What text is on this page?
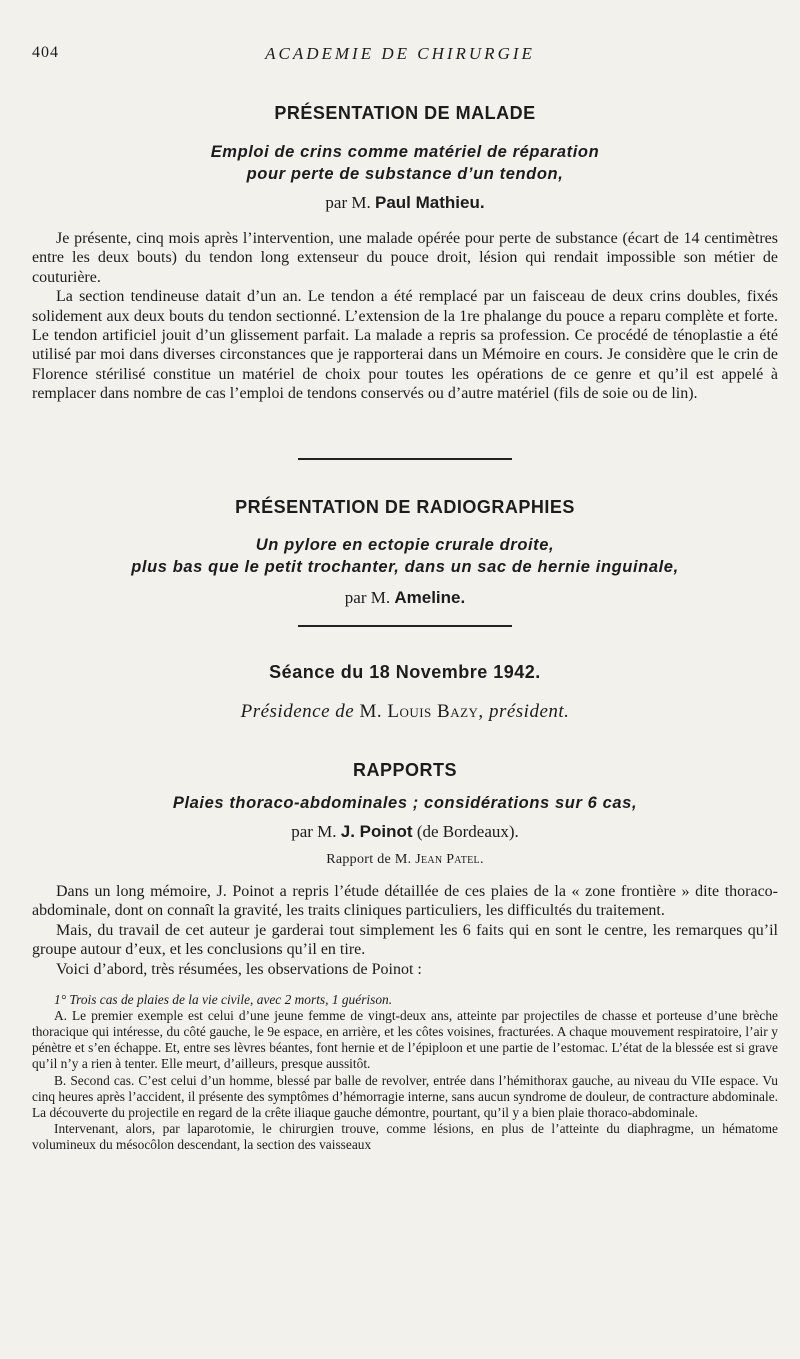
404	ACADEMIE DE CHIRURGIE
PRÉSENTATION DE MALADE
Emploi de crins comme matériel de réparation
pour perte de substance d’un tendon,
par M. Paul Mathieu.

Je présente, cinq mois après l’intervention, une malade opérée pour perte de substance (écart de 14 centimètres entre les deux bouts) du tendon long extenseur du pouce droit, lésion qui rendait impossible son métier de couturière.

La section tendineuse datait d’un an. Le tendon a été remplacé par un faisceau de deux crins doubles, fixés solidement aux deux bouts du tendon sectionné. L’extension de la 1re phalange du pouce a reparu complète et forte. Le tendon artificiel jouit d’un glissement parfait. La malade a repris sa profession. Ce procédé de ténoplastie a été utilisé par moi dans diverses circonstances que je rapporterai dans un Mémoire en cours. Je considère que le crin de Florence stérilisé constitue un matériel de choix pour toutes les opérations de ce genre et qu’il est appelé à remplacer dans nombre de cas l’emploi de tendons conservés ou d’autre matériel (fils de soie ou de lin).

PRÉSENTATION DE RADIOGRAPHIES
Un pylore en ectopie crurale droite,
plus bas que le petit trochanter, dans un sac de hernie inguinale,
par M. Ameline.
Séance du 18 Novembre 1942.
Présidence de M. Louis Bazy, président.
RAPPORTS
Plaies thoraco-abdominales ; considérations sur 6 cas,
par M. J. Poinot (de Bordeaux).
Rapport de M. Jean Patel.

Dans un long mémoire, J. Poinot a repris l’étude détaillée de ces plaies de la « zone frontière » dite thoraco-abdominale, dont on connaît la gravité, les traits cliniques particuliers, les difficultés du traitement.

Mais, du travail de cet auteur je garderai tout simplement les 6 faits qui en sont le centre, les remarques qu’il groupe autour d’eux, et les conclusions qu’il en tire.

Voici d’abord, très résumées, les observations de Poinot :

1° Trois cas de plaies de la vie civile, avec 2 morts, 1 guérison.

A. Le premier exemple est celui d’une jeune femme de vingt-deux ans, atteinte par projectiles de chasse et porteuse d’une brèche thoracique qui intéresse, du côté gauche, le 9e espace, en arrière, et les côtes voisines, fracturées. A chaque mouvement respiratoire, l’air y pénètre et s’en échappe. Et, entre ses lèvres béantes, font hernie et de l’épiploon et une partie de l’estomac. L’état de la blessée est si grave qu’il n’y a rien à tenter. Elle meurt, d’ailleurs, presque aussitôt.

B. Second cas. C’est celui d’un homme, blessé par balle de revolver, entrée dans l’hémithorax gauche, au niveau du VIIe espace. Vu cinq heures après l’accident, il présente des symptômes d’hémorragie interne, sans aucun syndrome de douleur, de contracture abdominale. La découverte du projectile en regard de la crête iliaque gauche démontre, pourtant, qu’il y a bien plaie thoraco-abdominale.

Intervenant, alors, par laparotomie, le chirurgien trouve, comme lésions, en plus de l’atteinte du diaphragme, un hématome volumineux du mésocôlon descendant, la section des vaisseaux
